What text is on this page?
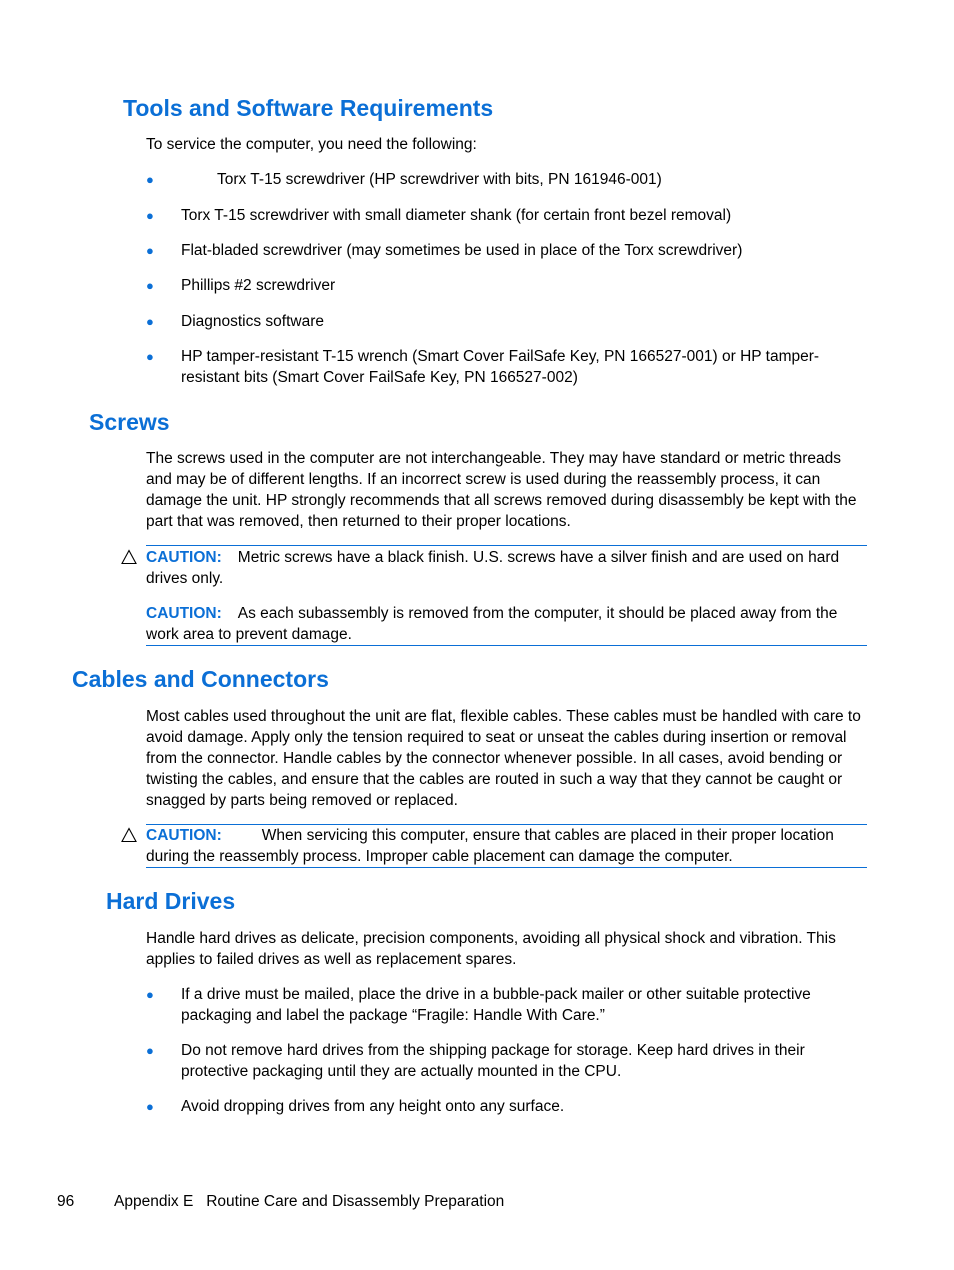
Tools and Software Requirements

To service the computer, you need the following:

●	Torx T-15 screwdriver (HP screwdriver with bits, PN 161946-001)
● Torx T-15 screwdriver with small diameter shank (for certain front bezel removal)
● Flat-bladed screwdriver (may sometimes be used in place of the Torx screwdriver)
● Phillips #2 screwdriver
● Diagnostics software
● HP tamper-resistant T-15 wrench (Smart Cover FailSafe Key, PN 166527-001) or HP tamper-resistant bits (Smart Cover FailSafe Key, PN 166527-002)
Screws

The screws used in the computer are not interchangeable. They may have standard or metric threads and may be of different lengths. If an incorrect screw is used during the reassembly process, it can damage the unit. HP strongly recommends that all screws removed during disassembly be kept with the part that was removed, then returned to their proper locations.

CAUTION: Metric screws have a black finish. U.S. screws have a silver finish and are used on hard drives only.

CAUTION: As each subassembly is removed from the computer, it should be placed away from the work area to prevent damage.

Cables and Connectors

Most cables used throughout the unit are flat, flexible cables. These cables must be handled with care to avoid damage. Apply only the tension required to seat or unseat the cables during insertion or removal from the connector. Handle cables by the connector whenever possible. In all cases, avoid bending or twisting the cables, and ensure that the cables are routed in such a way that they cannot be caught or snagged by parts being removed or replaced.

CAUTION:	When servicing this computer, ensure that cables are placed in their proper location during the reassembly process. Improper cable placement can damage the computer.

Hard Drives

Handle hard drives as delicate, precision components, avoiding all physical shock and vibration. This applies to failed drives as well as replacement spares.

● If a drive must be mailed, place the drive in a bubble-pack mailer or other suitable protective packaging and label the package “Fragile: Handle With Care.”
● Do not remove hard drives from the shipping package for storage. Keep hard drives in their protective packaging until they are actually mounted in the CPU.
● Avoid dropping drives from any height onto any surface.
96	Appendix E   Routine Care and Disassembly Preparation
